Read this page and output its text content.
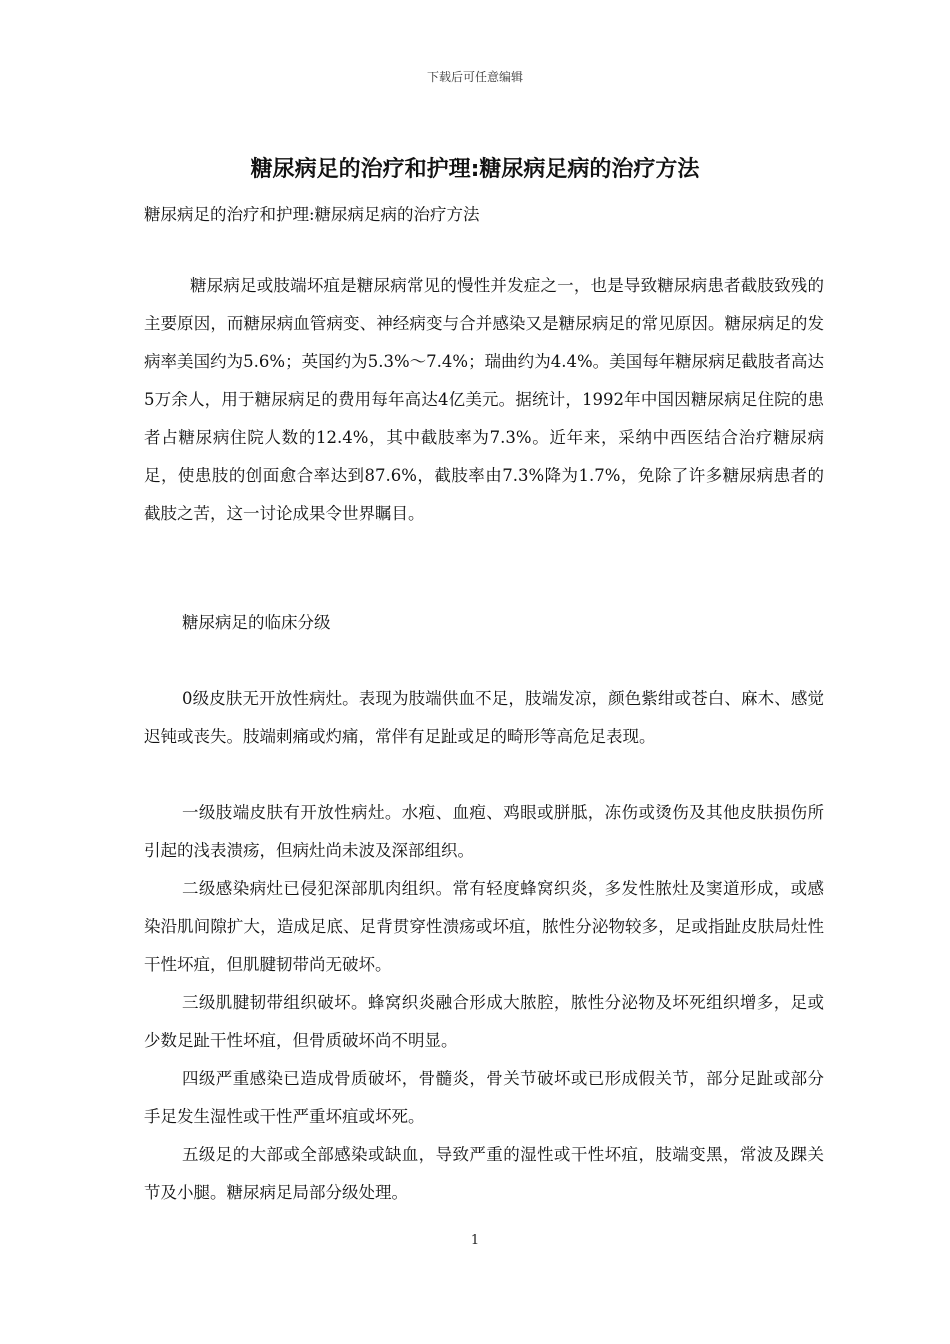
下载后可任意编辑
糖尿病足的治疗和护理:糖尿病足病的治疗方法

糖尿病足的治疗和护理:糖尿病足病的治疗方法

糖尿病足或肢端坏疽是糖尿病常见的慢性并发症之一，也是导致糖尿病患者截肢致残的主要原因，而糖尿病血管病变、神经病变与合并感染又是糖尿病足的常见原因。糖尿病足的发病率美国约为5.6%；英国约为5.3%～7.4%；瑞曲约为4.4%。美国每年糖尿病足截肢者高达5万余人，用于糖尿病足的费用每年高达4亿美元。据统计，1992年中国因糖尿病足住院的患者占糖尿病住院人数的12.4%，其中截肢率为7.3%。近年来，采纳中西医结合治疗糖尿病足，使患肢的创面愈合率达到87.6%，截肢率由7.3%降为1.7%，免除了许多糖尿病患者的截肢之苦，这一讨论成果令世界瞩目。

糖尿病足的临床分级

0级皮肤无开放性病灶。表现为肢端供血不足，肢端发凉，颜色紫绀或苍白、麻木、感觉迟钝或丧失。肢端刺痛或灼痛，常伴有足趾或足的畸形等高危足表现。

一级肢端皮肤有开放性病灶。水疱、血疱、鸡眼或胼胝，冻伤或烫伤及其他皮肤损伤所引起的浅表溃疡，但病灶尚未波及深部组织。

二级感染病灶已侵犯深部肌肉组织。常有轻度蜂窝织炎，多发性脓灶及窦道形成，或感染沿肌间隙扩大，造成足底、足背贯穿性溃疡或坏疽，脓性分泌物较多，足或指趾皮肤局灶性干性坏疽，但肌腱韧带尚无破坏。

三级肌腱韧带组织破坏。蜂窝织炎融合形成大脓腔，脓性分泌物及坏死组织增多，足或少数足趾干性坏疽，但骨质破坏尚不明显。

四级严重感染已造成骨质破坏，骨髓炎，骨关节破坏或已形成假关节，部分足趾或部分手足发生湿性或干性严重坏疽或坏死。

五级足的大部或全部感染或缺血，导致严重的湿性或干性坏疽，肢端变黑，常波及踝关节及小腿。糖尿病足局部分级处理。

1
